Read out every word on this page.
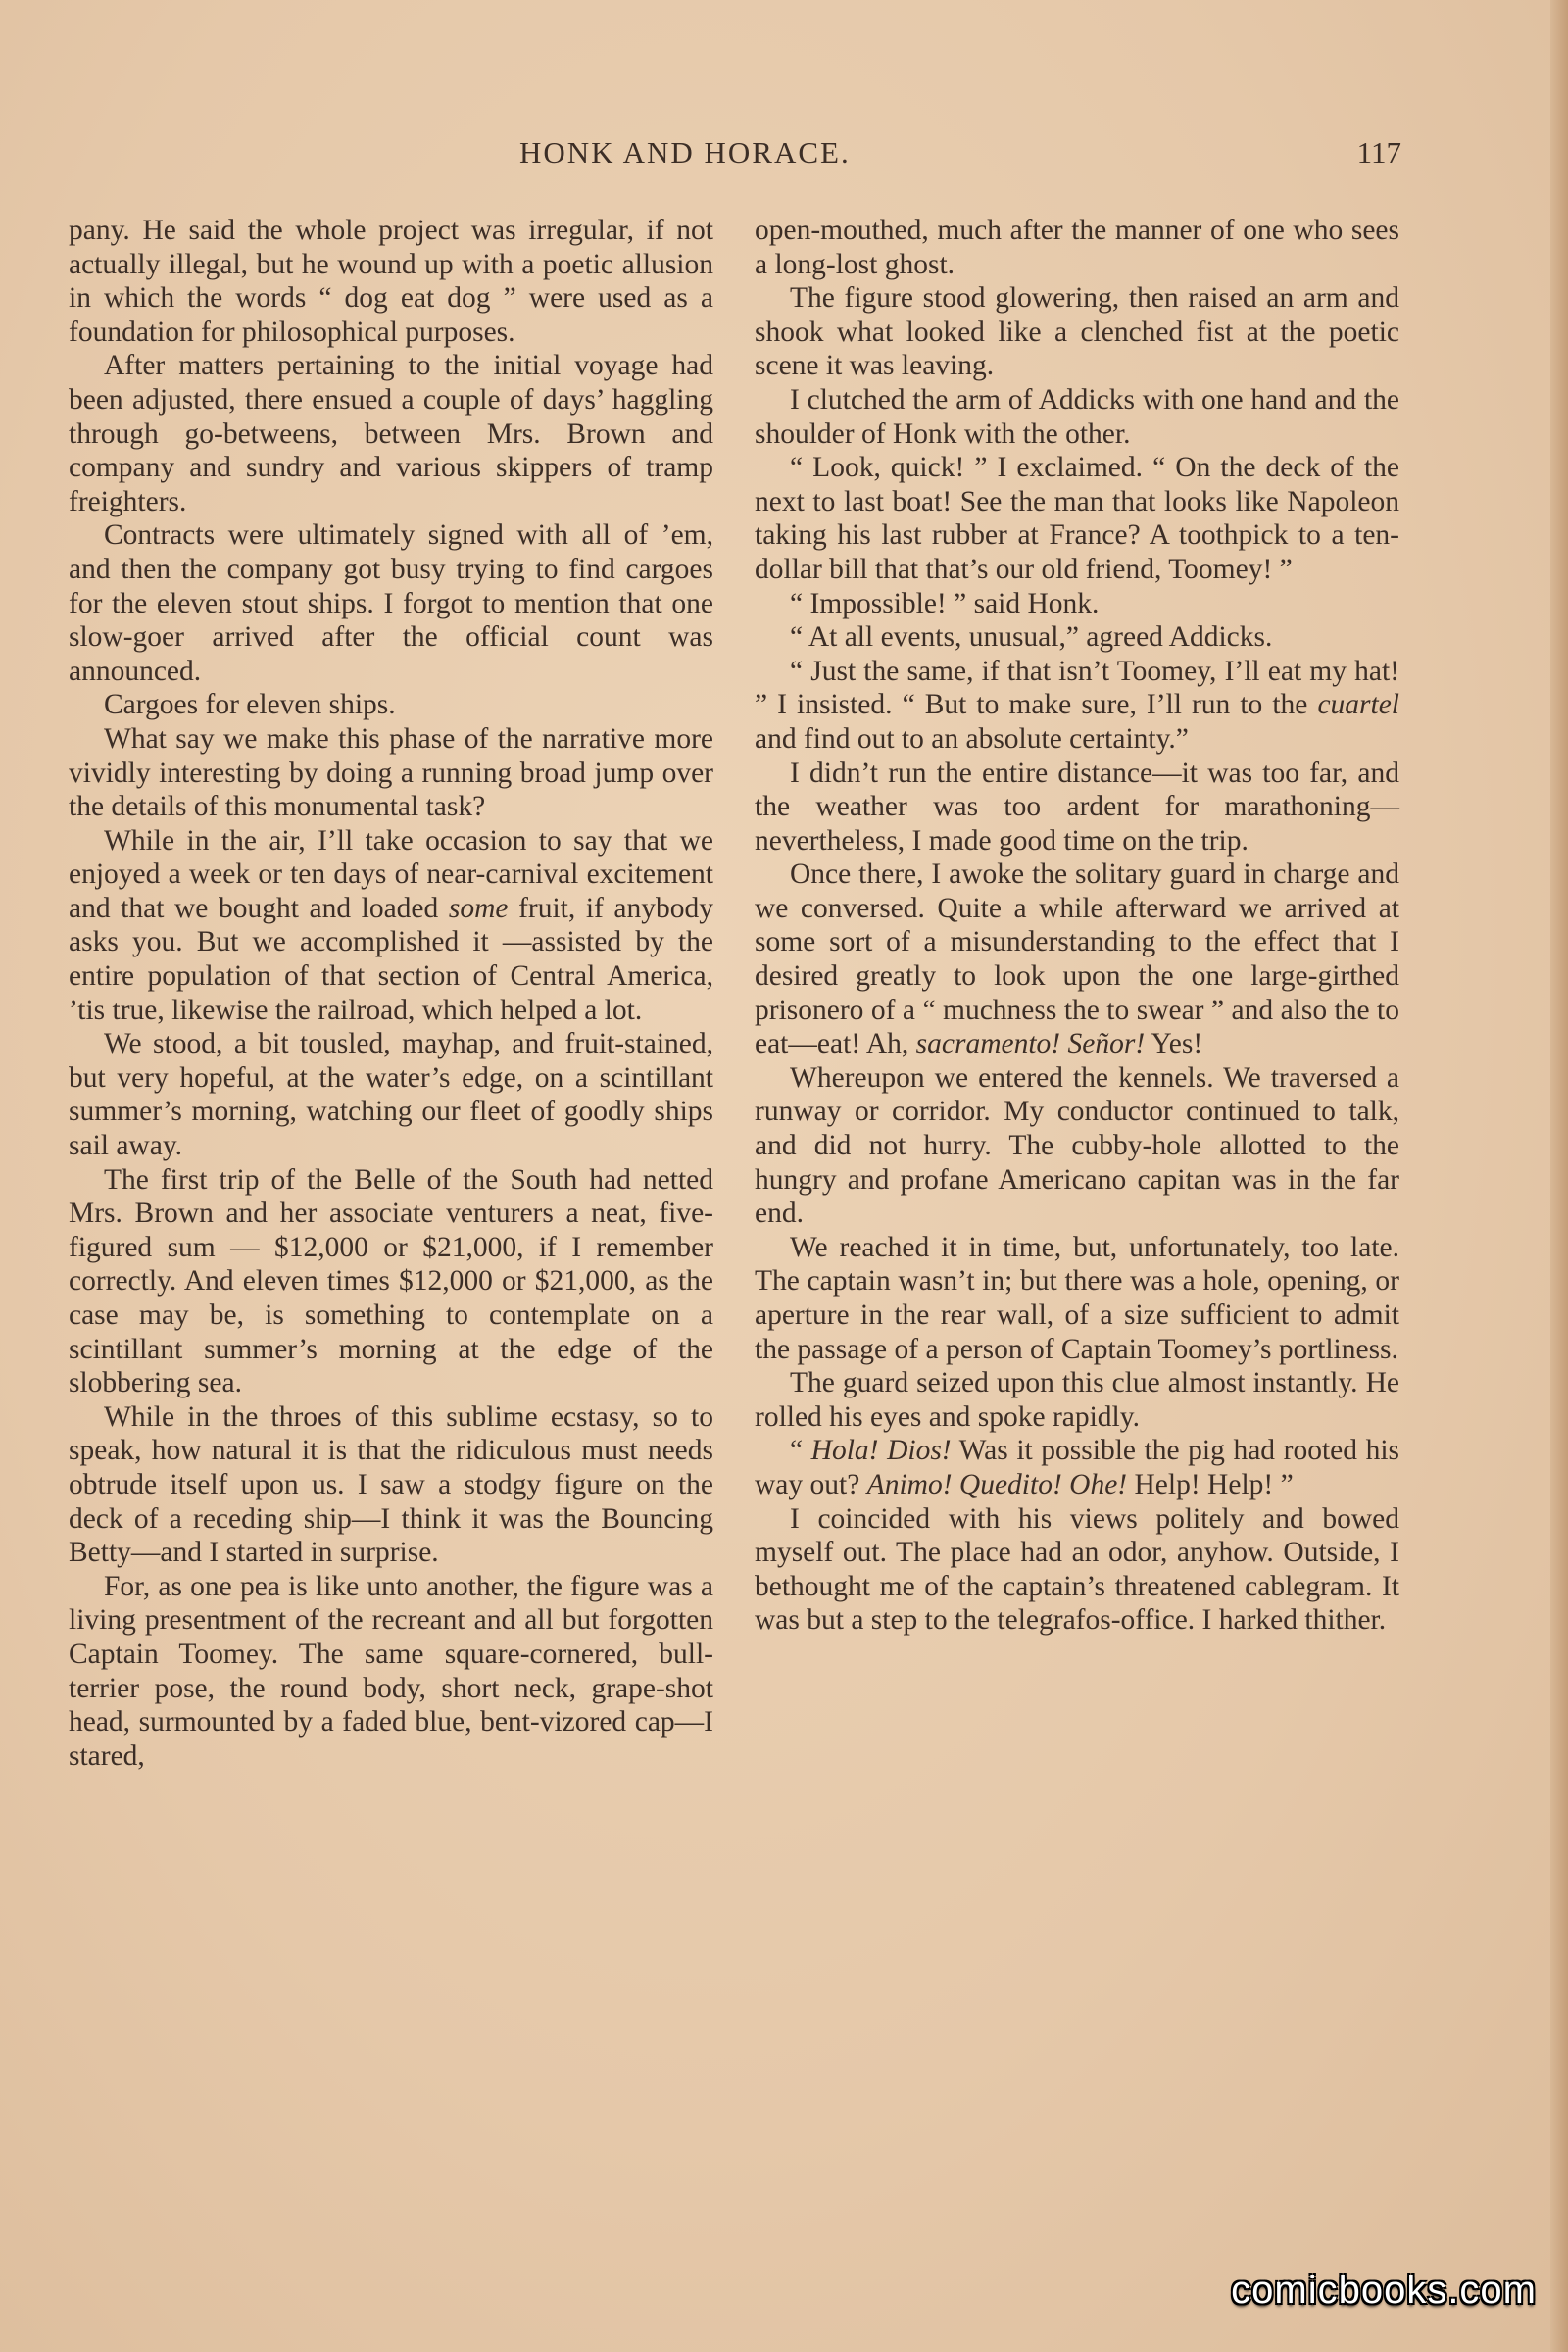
HONK AND HORACE.	117

pany. He said the whole project was irregular, if not actually illegal, but he wound up with a poetic allusion in which the words “ dog eat dog ” were used as a foundation for philosophical purposes.

After matters pertaining to the initial voyage had been adjusted, there ensued a couple of days’ haggling through go-betweens, between Mrs. Brown and company and sundry and various skippers of tramp freighters.

Contracts were ultimately signed with all of ’em, and then the company got busy trying to find cargoes for the eleven stout ships. I forgot to mention that one slow-goer arrived after the official count was announced.

Cargoes for eleven ships.

What say we make this phase of the narrative more vividly interesting by doing a running broad jump over the details of this monumental task?

While in the air, I’ll take occasion to say that we enjoyed a week or ten days of near-carnival excitement and that we bought and loaded some fruit, if anybody asks you. But we accomplished it —assisted by the entire population of that section of Central America, ’tis true, likewise the railroad, which helped a lot.

We stood, a bit tousled, mayhap, and fruit-stained, but very hopeful, at the water’s edge, on a scintillant summer’s morning, watching our fleet of goodly ships sail away.

The first trip of the Belle of the South had netted Mrs. Brown and her associate venturers a neat, five-figured sum — $12,000 or $21,000, if I remember correctly. And eleven times $12,000 or $21,000, as the case may be, is something to contemplate on a scintillant summer’s morning at the edge of the slobbering sea.

While in the throes of this sublime ecstasy, so to speak, how natural it is that the ridiculous must needs obtrude itself upon us. I saw a stodgy figure on the deck of a receding ship—I think it was the Bouncing Betty—and I started in surprise.

For, as one pea is like unto another, the figure was a living presentment of the recreant and all but forgotten Captain Toomey. The same square-cornered, bull-terrier pose, the round body, short neck, grape-shot head, surmounted by a faded blue, bent-vizored cap—I stared,

open-mouthed, much after the manner of one who sees a long-lost ghost.

The figure stood glowering, then raised an arm and shook what looked like a clenched fist at the poetic scene it was leaving.

I clutched the arm of Addicks with one hand and the shoulder of Honk with the other.

“ Look, quick! ” I exclaimed. “ On the deck of the next to last boat! See the man that looks like Napoleon taking his last rubber at France? A toothpick to a ten-dollar bill that that’s our old friend, Toomey! ”

“ Impossible! ” said Honk.

“ At all events, unusual,” agreed Addicks.

“ Just the same, if that isn’t Toomey, I’ll eat my hat! ” I insisted. “ But to make sure, I’ll run to the cuartel and find out to an absolute certainty.”

I didn’t run the entire distance—it was too far, and the weather was too ardent for marathoning—nevertheless, I made good time on the trip.

Once there, I awoke the solitary guard in charge and we conversed. Quite a while afterward we arrived at some sort of a misunderstanding to the effect that I desired greatly to look upon the one large-girthed prisonero of a “ muchness the to swear ” and also the to eat—eat! Ah, sacramento! Señor! Yes!

Whereupon we entered the kennels. We traversed a runway or corridor. My conductor continued to talk, and did not hurry. The cubby-hole allotted to the hungry and profane Americano capitan was in the far end.

We reached it in time, but, unfortunately, too late. The captain wasn’t in; but there was a hole, opening, or aperture in the rear wall, of a size sufficient to admit the passage of a person of Captain Toomey’s portliness.

The guard seized upon this clue almost instantly. He rolled his eyes and spoke rapidly.

“ Hola! Dios! Was it possible the pig had rooted his way out? Animo! Quedito! Ohe! Help! Help! ”

I coincided with his views politely and bowed myself out. The place had an odor, anyhow. Outside, I bethought me of the captain’s threatened cablegram. It was but a step to the telegrafos-office. I harked thither.

comicbooks.com
